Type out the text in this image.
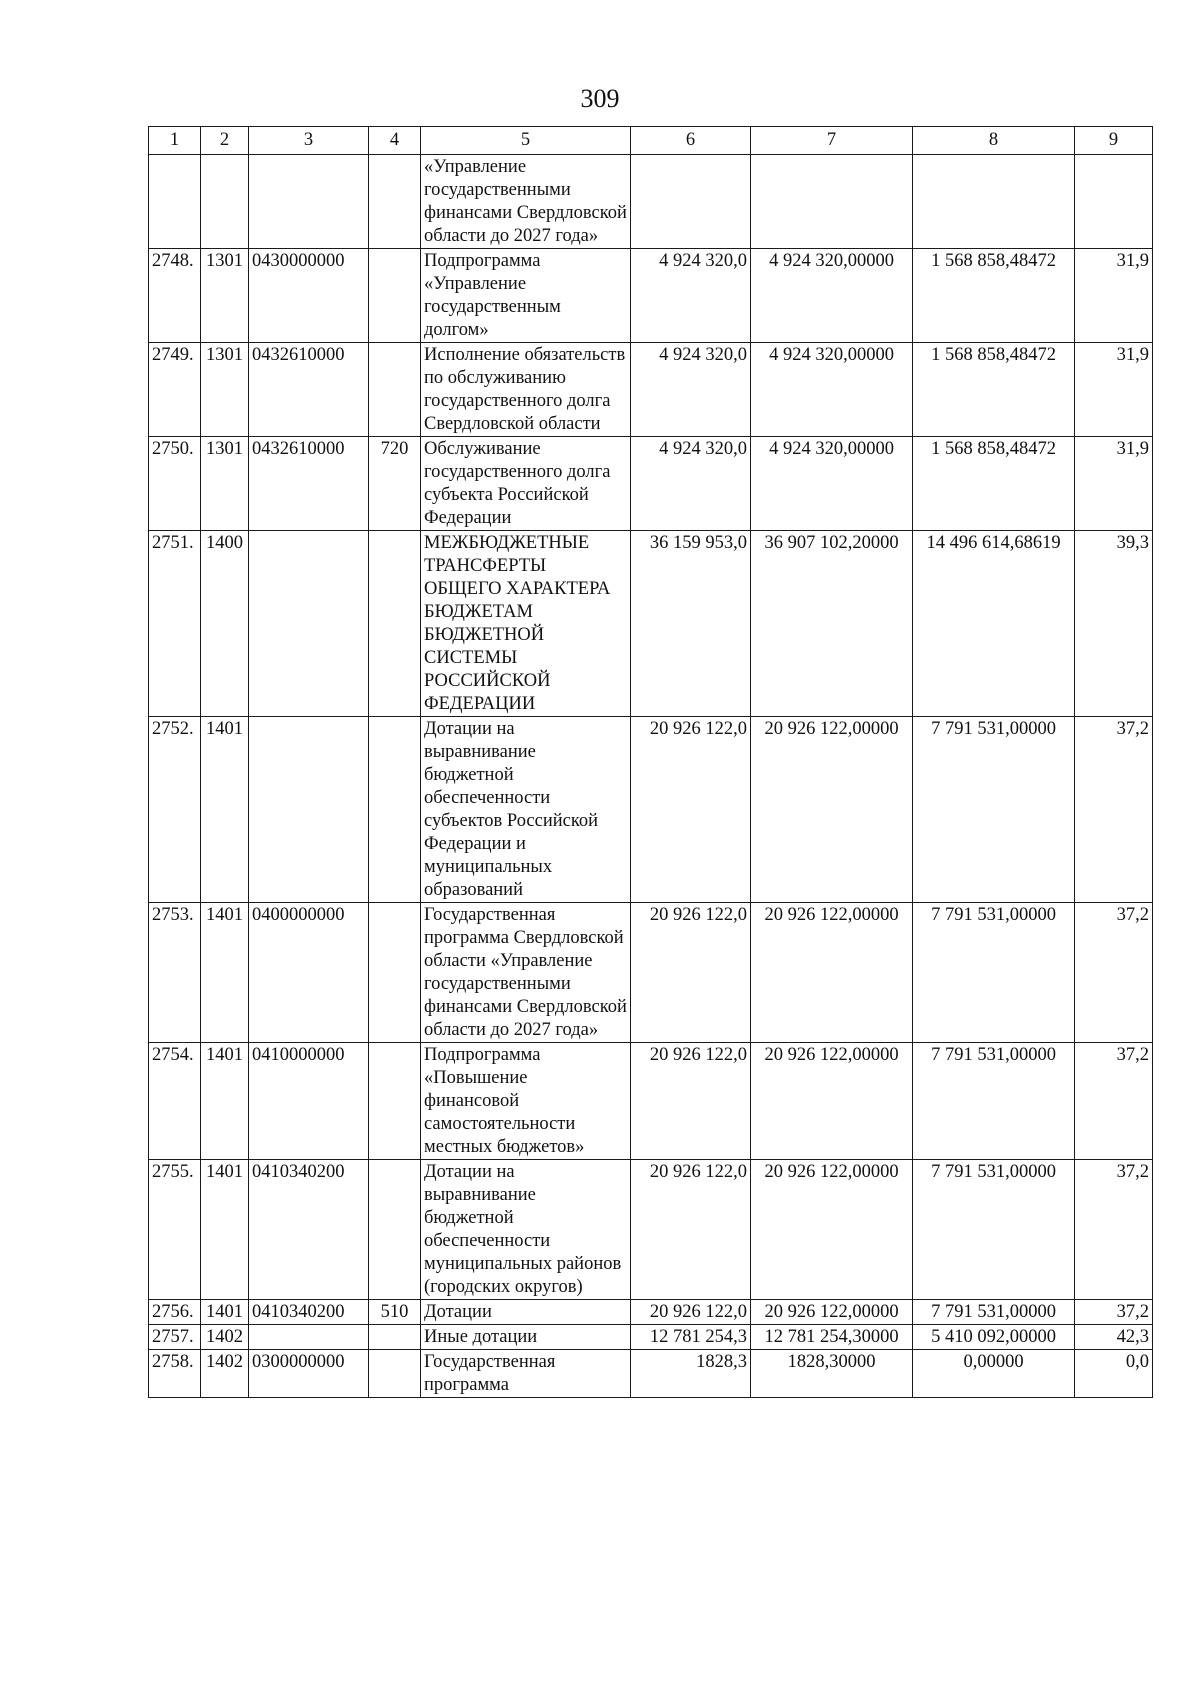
309
1	2	3	4	5	6	7	8	9
				«Управление государственными финансами Свердловской области до 2027 года»				
2748.	1301	0430000000		Подпрограмма «Управление государственным долгом»	4 924 320,0	4 924 320,00000	1 568 858,48472	31,9
2749.	1301	0432610000		Исполнение обязательств по обслуживанию государственного долга Свердловской области	4 924 320,0	4 924 320,00000	1 568 858,48472	31,9
2750.	1301	0432610000	720	Обслуживание государственного долга субъекта Российской Федерации	4 924 320,0	4 924 320,00000	1 568 858,48472	31,9
2751.	1400			МЕЖБЮДЖЕТНЫЕ ТРАНСФЕРТЫ ОБЩЕГО ХАРАКТЕРА БЮДЖЕТАМ БЮДЖЕТНОЙ СИСТЕМЫ РОССИЙСКОЙ ФЕДЕРАЦИИ	36 159 953,0	36 907 102,20000	14 496 614,68619	39,3
2752.	1401			Дотации на выравнивание бюджетной обеспеченности субъектов Российской Федерации и муниципальных образований	20 926 122,0	20 926 122,00000	7 791 531,00000	37,2
2753.	1401	0400000000		Государственная программа Свердловской области «Управление государственными финансами Свердловской области до 2027 года»	20 926 122,0	20 926 122,00000	7 791 531,00000	37,2
2754.	1401	0410000000		Подпрограмма «Повышение финансовой самостоятельности местных бюджетов»	20 926 122,0	20 926 122,00000	7 791 531,00000	37,2
2755.	1401	0410340200		Дотации на выравнивание бюджетной обеспеченности муниципальных районов (городских округов)	20 926 122,0	20 926 122,00000	7 791 531,00000	37,2
2756.	1401	0410340200	510	Дотации	20 926 122,0	20 926 122,00000	7 791 531,00000	37,2
2757.	1402			Иные дотации	12 781 254,3	12 781 254,30000	5 410 092,00000	42,3
2758.	1402	0300000000		Государственная программа	1828,3	1828,30000	0,00000	0,0
